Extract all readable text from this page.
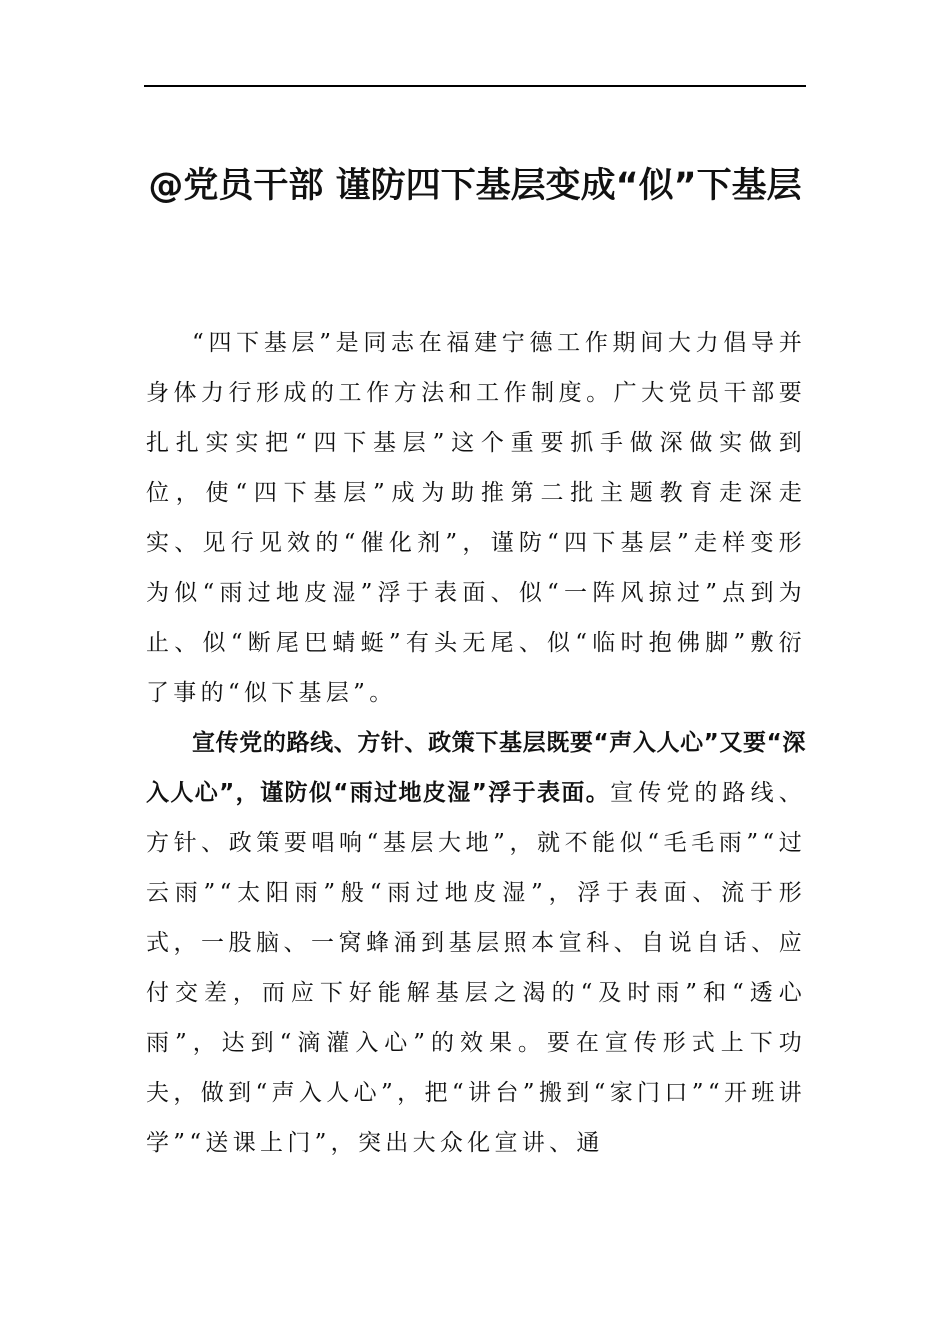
@党员干部 谨防四下基层变成“似”下基层

“四下基层”是同志在福建宁德工作期间大力倡导并身体力行形成的工作方法和工作制度。广大党员干部要扎扎实实把“四下基层”这个重要抓手做深做实做到位，使“四下基层”成为助推第二批主题教育走深走实、见行见效的“催化剂”，谨防“四下基层”走样变形为似“雨过地皮湿”浮于表面、似“一阵风掠过”点到为止、似“断尾巴蜻蜓”有头无尾、似“临时抱佛脚”敷衍了事的“似下基层”。

宣传党的路线、方针、政策下基层既要“声入人心”又要“深入人心”，谨防似“雨过地皮湿”浮于表面。宣传党的路线、方针、政策要唱响“基层大地”，就不能似“毛毛雨”“过云雨”“太阳雨”般“雨过地皮湿”，浮于表面、流于形式，一股脑、一窝蜂涌到基层照本宣科、自说自话、应付交差，而应下好能解基层之渴的“及时雨”和“透心雨”，达到“滴灌入心”的效果。要在宣传形式上下功夫，做到“声入人心”，把“讲台”搬到“家门口”“开班讲学”“送课上门”，突出大众化宣讲、通
